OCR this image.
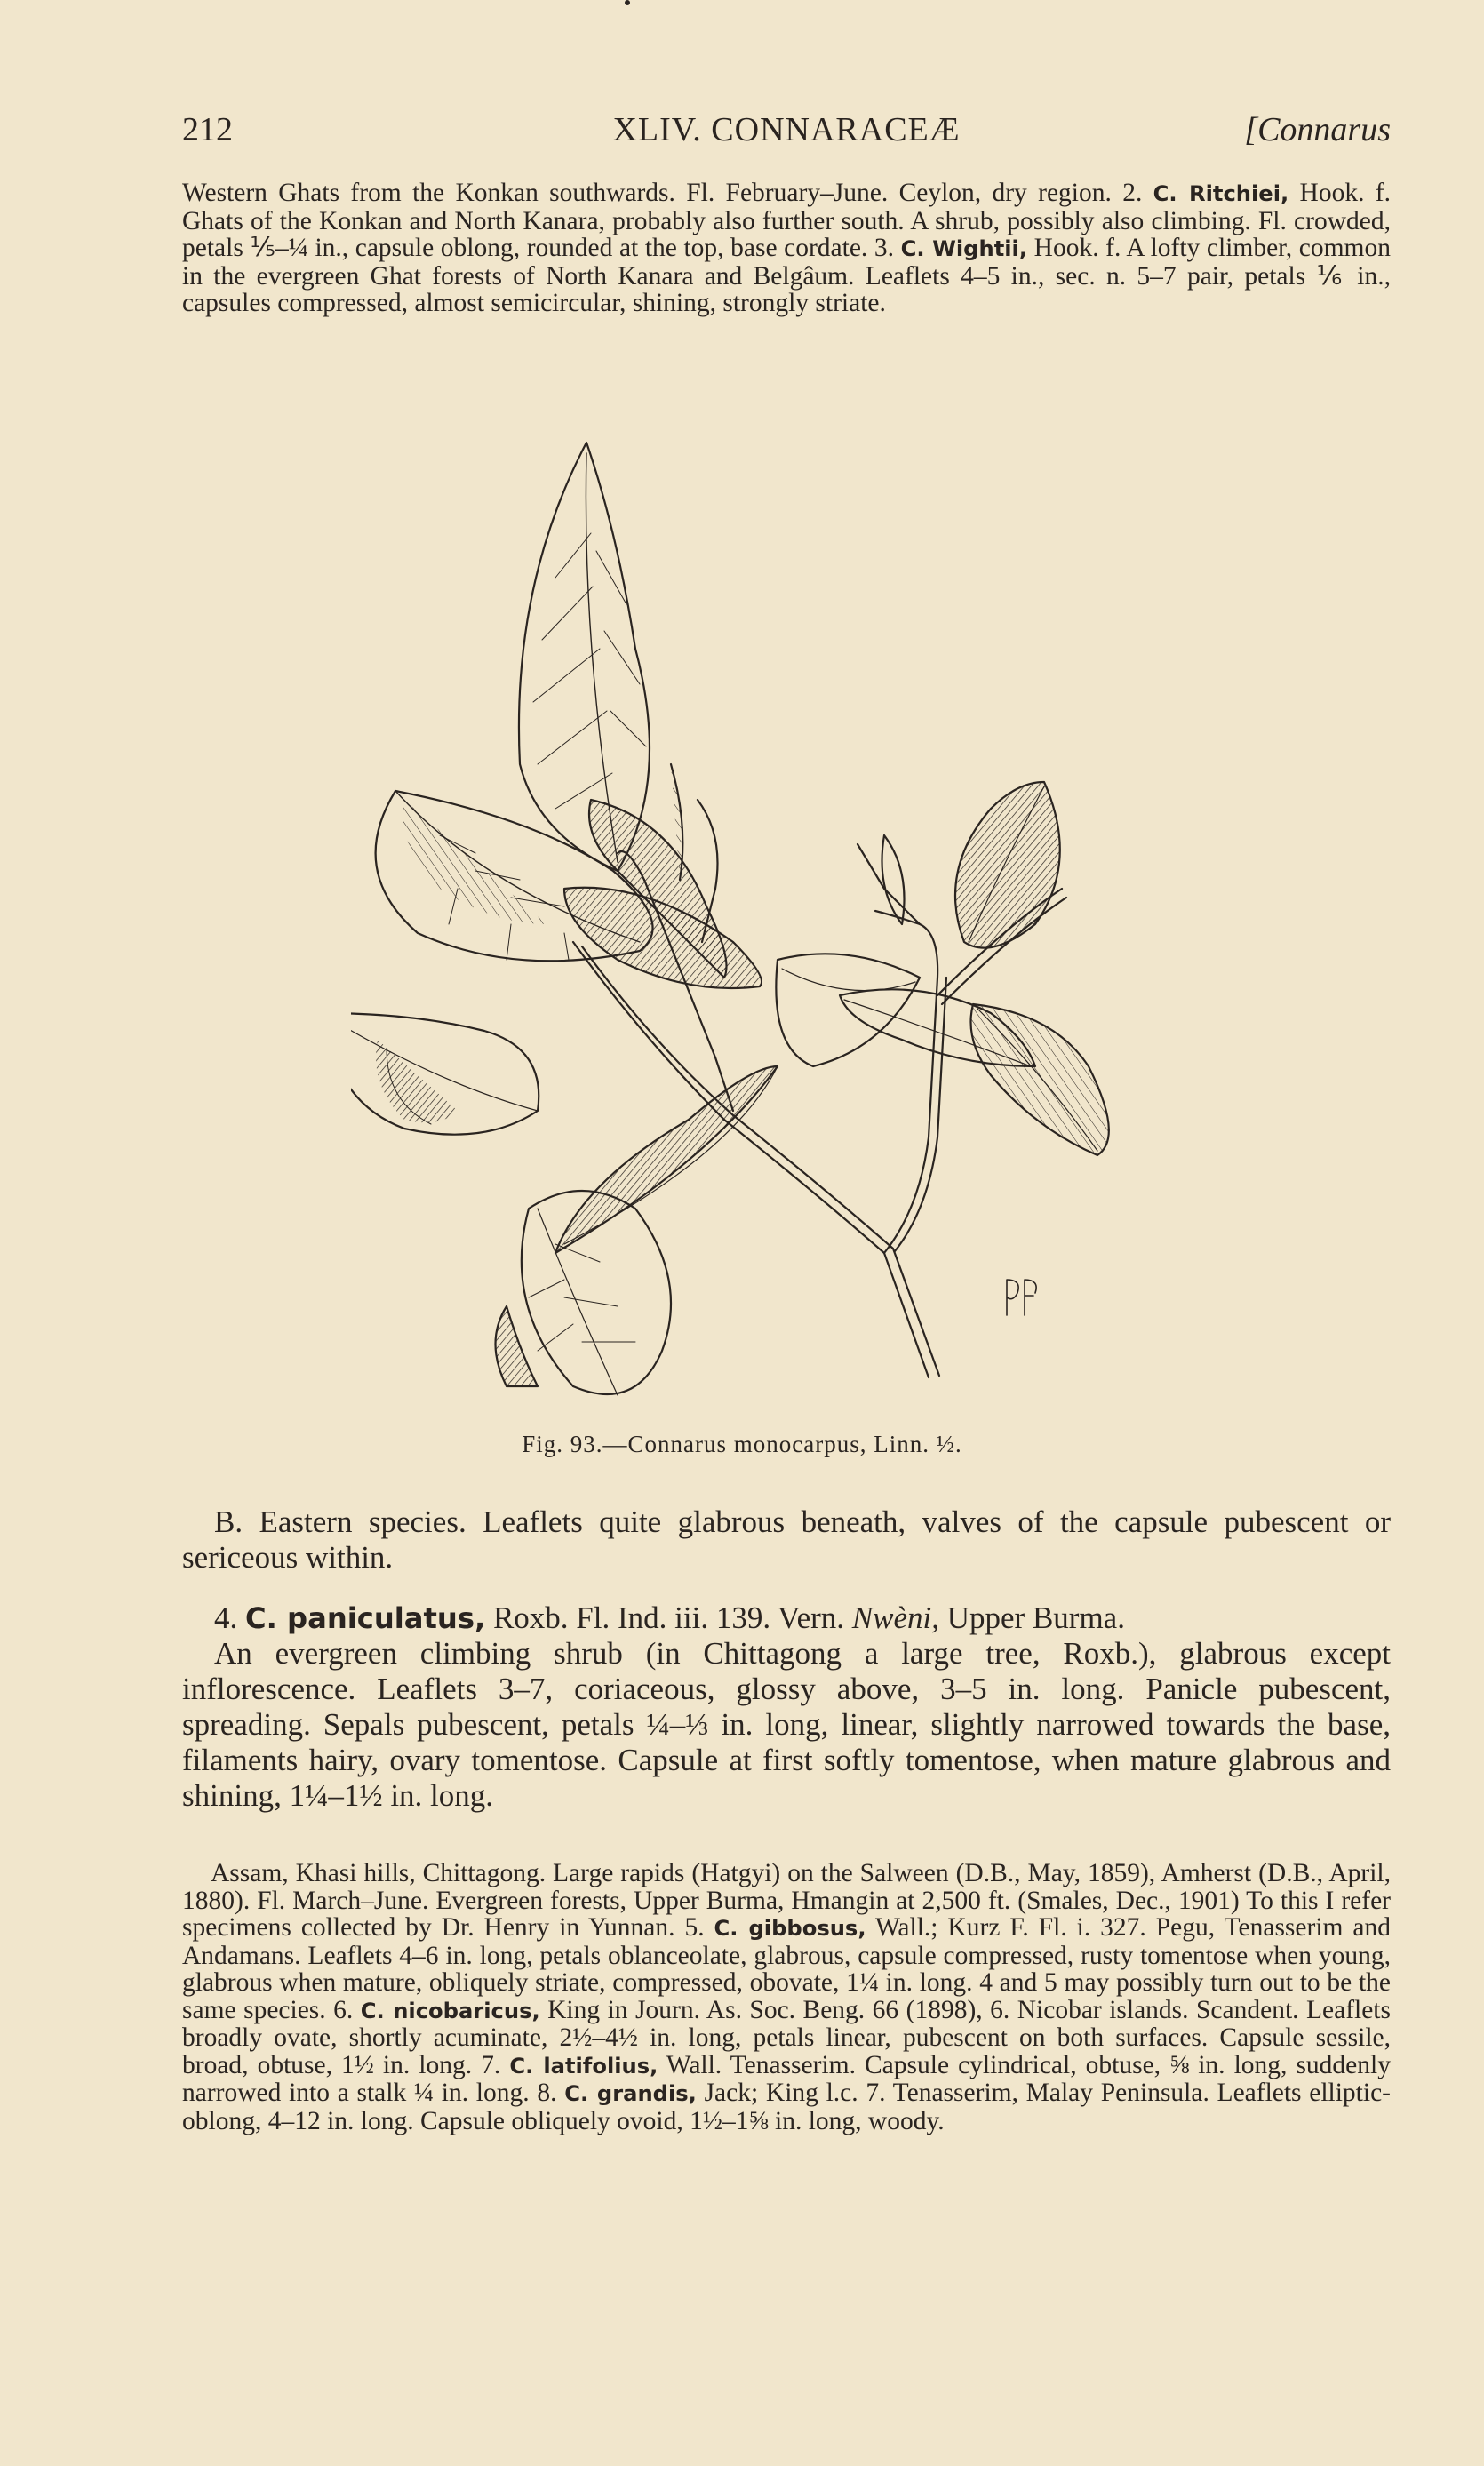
212	XLIV. CONNARACEÆ	[Connarus
Western Ghats from the Konkan southwards. Fl. February–June. Ceylon, dry region. 2. C. Ritchiei, Hook. f. Ghats of the Konkan and North Kanara, probably also further south. A shrub, possibly also climbing. Fl. crowded, petals ⅕–¼ in., capsule oblong, rounded at the top, base cordate. 3. C. Wightii, Hook. f. A lofty climber, common in the evergreen Ghat forests of North Kanara and Belgâum. Leaflets 4–5 in., sec. n. 5–7 pair, petals ⅙ in., capsules compressed, almost semicircular, shining, strongly striate.
Fig. 93.—Connarus monocarpus, Linn. ½.
B. Eastern species. Leaflets quite glabrous beneath, valves of the capsule pubescent or sericeous within.
4. C. paniculatus, Roxb. Fl. Ind. iii. 139. Vern. Nwèni, Upper Burma.
An evergreen climbing shrub (in Chittagong a large tree, Roxb.), glabrous except inflorescence. Leaflets 3–7, coriaceous, glossy above, 3–5 in. long. Panicle pubescent, spreading. Sepals pubescent, petals ¼–⅓ in. long, linear, slightly narrowed towards the base, filaments hairy, ovary tomentose. Capsule at first softly tomentose, when mature glabrous and shining, 1¼–1½ in. long.
Assam, Khasi hills, Chittagong. Large rapids (Hatgyi) on the Salween (D.B., May, 1859), Amherst (D.B., April, 1880). Fl. March–June. Evergreen forests, Upper Burma, Hmangin at 2,500 ft. (Smales, Dec., 1901) To this I refer specimens collected by Dr. Henry in Yunnan. 5. C. gibbosus, Wall.; Kurz F. Fl. i. 327. Pegu, Tenasserim and Andamans. Leaflets 4–6 in. long, petals oblanceolate, glabrous, capsule compressed, rusty tomentose when young, glabrous when mature, obliquely striate, compressed, obovate, 1¼ in. long. 4 and 5 may possibly turn out to be the same species. 6. C. nicobaricus, King in Journ. As. Soc. Beng. 66 (1898), 6. Nicobar islands. Scandent. Leaflets broadly ovate, shortly acuminate, 2½–4½ in. long, petals linear, pubescent on both surfaces. Capsule sessile, broad, obtuse, 1½ in. long. 7. C. latifolius, Wall. Tenasserim. Capsule cylindrical, obtuse, ⅝ in. long, suddenly narrowed into a stalk ¼ in. long. 8. C. grandis, Jack; King l.c. 7. Tenasserim, Malay Peninsula. Leaflets elliptic-oblong, 4–12 in. long. Capsule obliquely ovoid, 1½–1⅝ in. long, woody.
